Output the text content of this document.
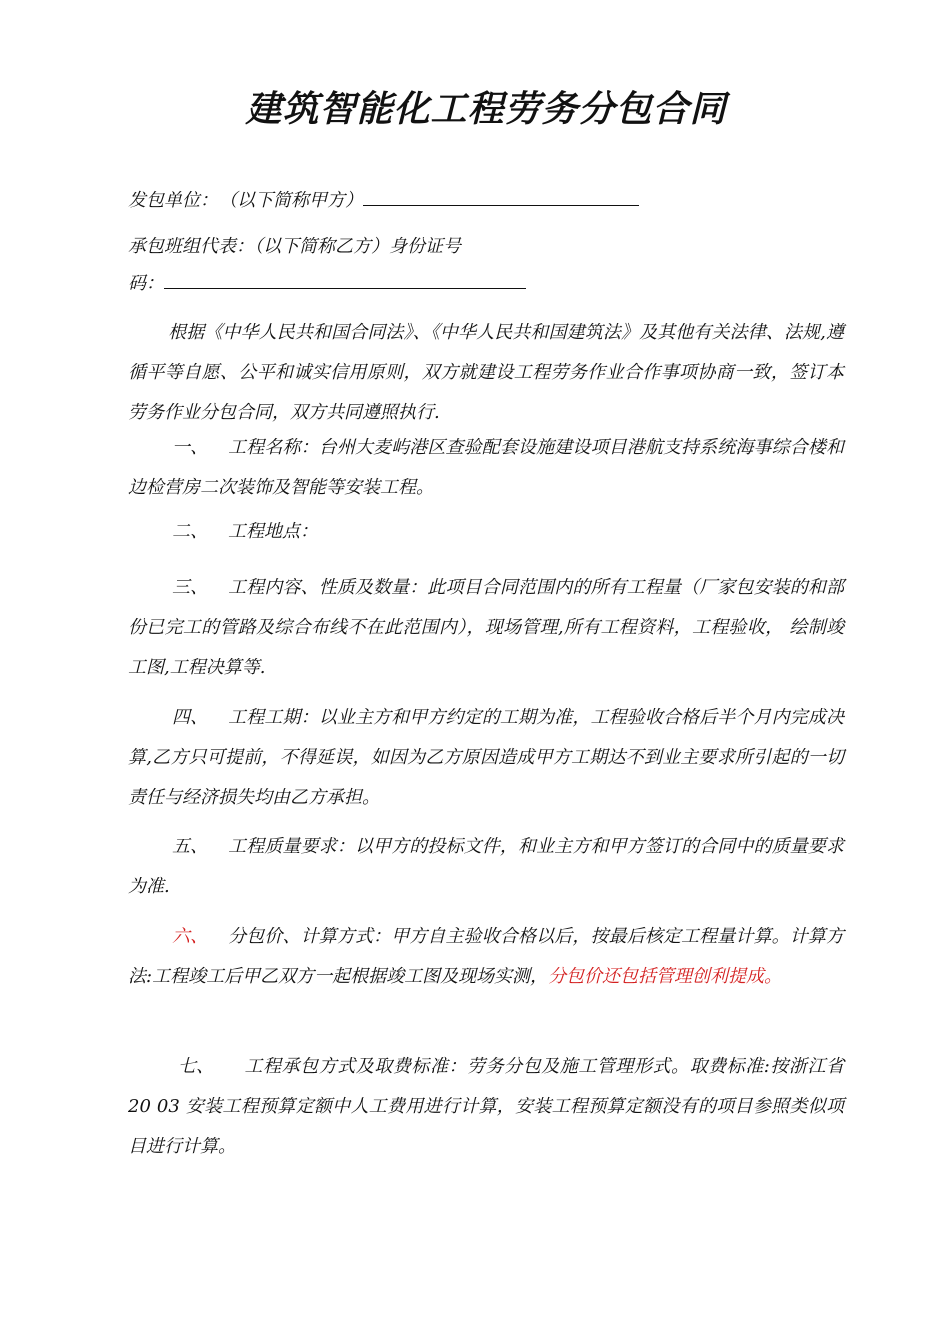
建筑智能化工程劳务分包合同
发包单位： （以下简称甲方）
承包班组代表：（以下简称乙方）身份证号
码：

根据《中华人民共和国合同法》、《中华人民共和国建筑法》及其他有关法律、法规,遵循平等自愿、公平和诚实信用原则，双方就建设工程劳务作业合作事项协商一致，签订本劳务作业分包合同，双方共同遵照执行.

一、 工程名称：台州大麦屿港区查验配套设施建设项目港航支持系统海事综合楼和边检营房二次装饰及智能等安装工程。

二、 工程地点：

三、 工程内容、性质及数量：此项目合同范围内的所有工程量（厂家包安装的和部份已完工的管路及综合布线不在此范围内），现场管理,所有工程资料，工程验收， 绘制竣工图,工程决算等.

四、 工程工期：以业主方和甲方约定的工期为准，工程验收合格后半个月内完成决算,乙方只可提前，不得延误，如因为乙方原因造成甲方工期达不到业主要求所引起的一切责任与经济损失均由乙方承担。

五、 工程质量要求：以甲方的投标文件，和业主方和甲方签订的合同中的质量要求为准.

六、 分包价、计算方式：甲方自主验收合格以后，按最后核定工程量计算。计算方法:工程竣工后甲乙双方一起根据竣工图及现场实测，分包价还包括管理创利提成。

七、 工程承包方式及取费标准：劳务分包及施工管理形式。取费标准:按浙江省20 03 安装工程预算定额中人工费用进行计算，安装工程预算定额没有的项目参照类似项目进行计算。
